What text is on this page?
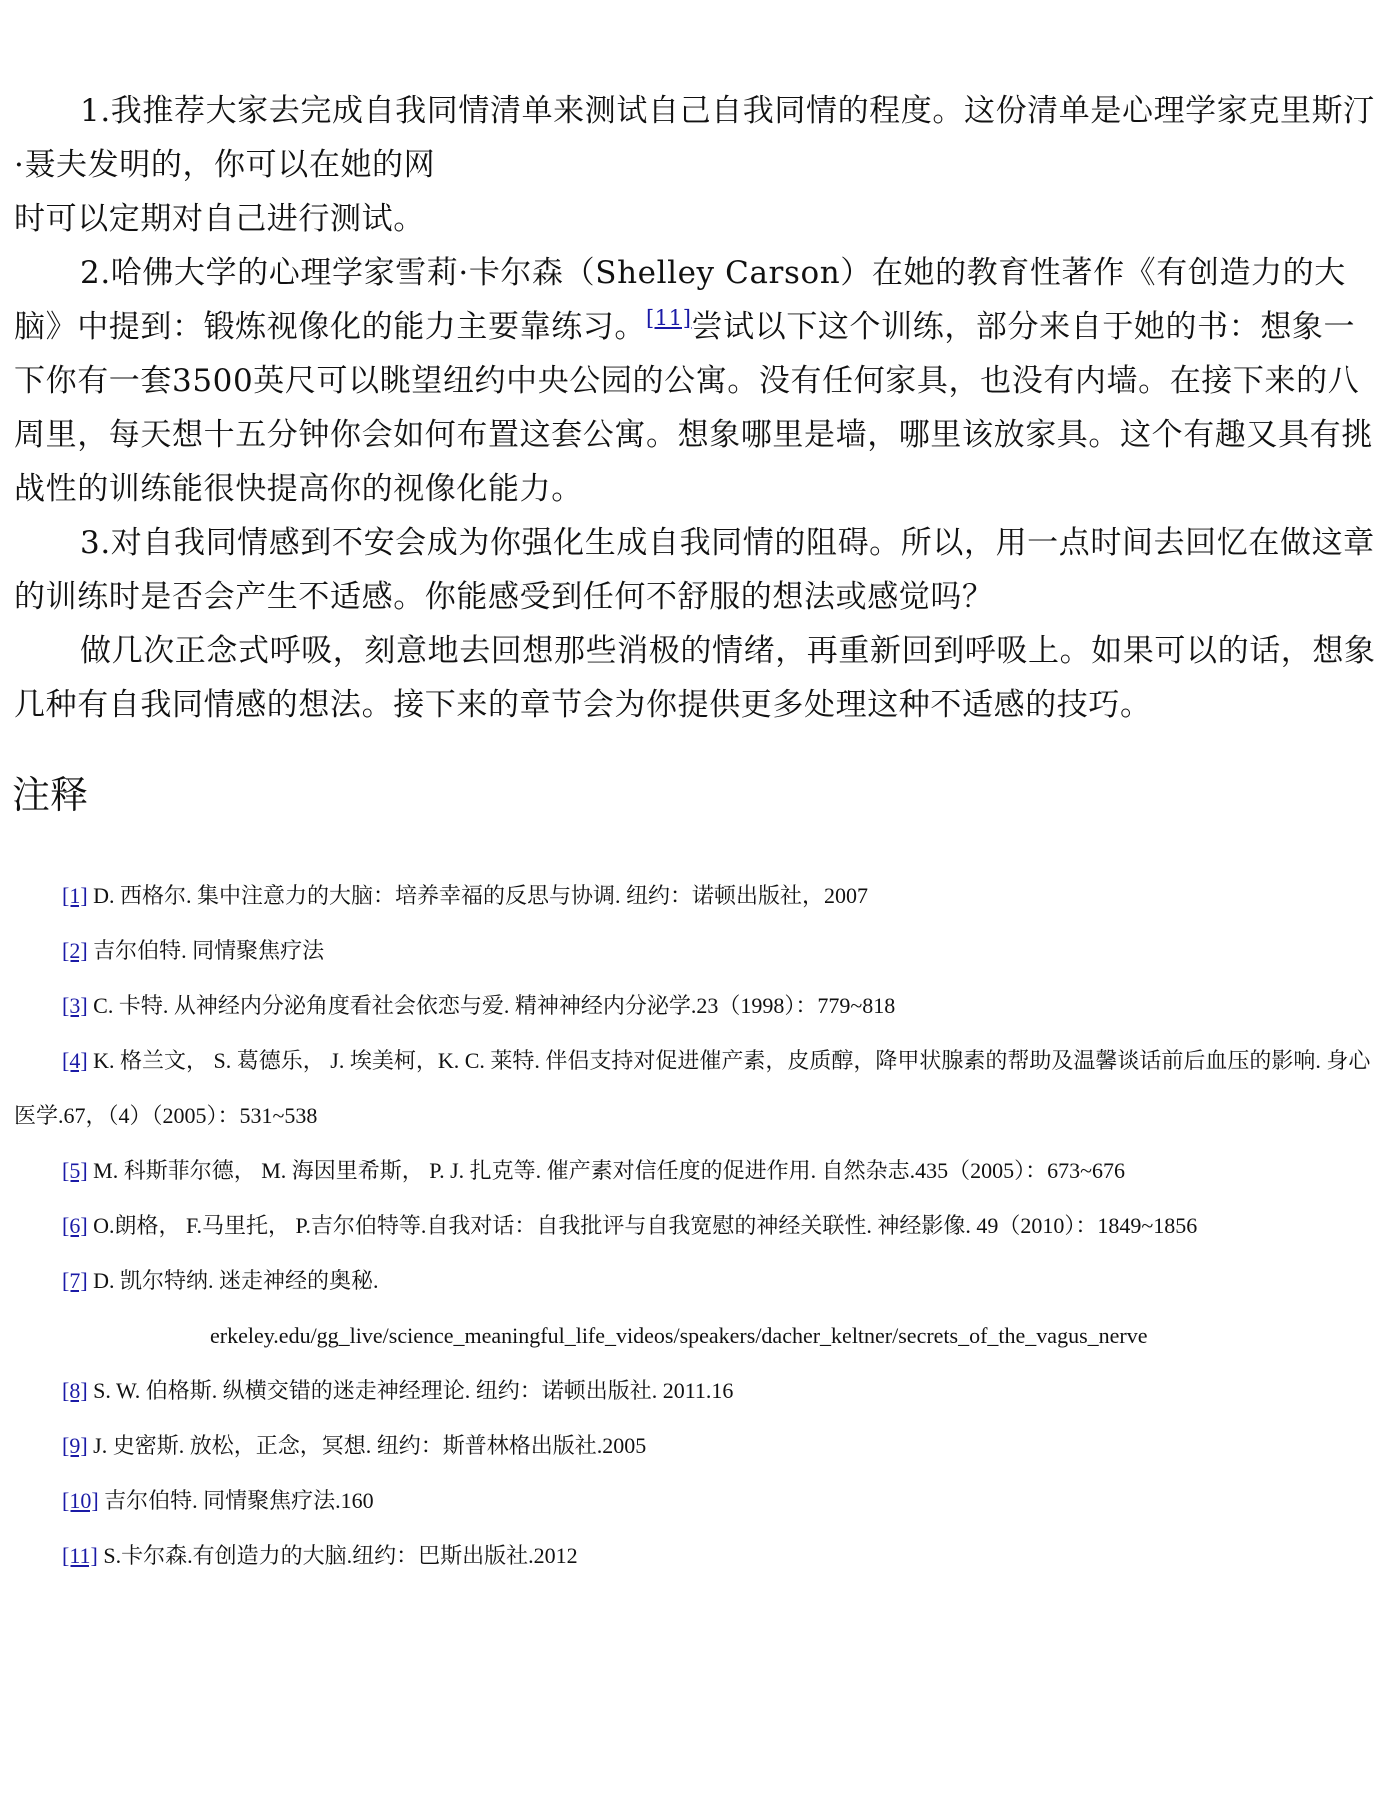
1.我推荐大家去完成自我同情清单来测试自己自我同情的程度。这份清单是心理学家克里斯汀·聂夫发明的，你可以在她的网

时可以定期对自己进行测试。

2.哈佛大学的心理学家雪莉·卡尔森（Shelley Carson）在她的教育性著作《有创造力的大脑》中提到：锻炼视像化的能力主要靠练习。[11]尝试以下这个训练，部分来自于她的书：想象一下你有一套3500英尺可以眺望纽约中央公园的公寓。没有任何家具，也没有内墙。在接下来的八周里，每天想十五分钟你会如何布置这套公寓。想象哪里是墙，哪里该放家具。这个有趣又具有挑战性的训练能很快提高你的视像化能力。

3.对自我同情感到不安会成为你强化生成自我同情的阻碍。所以，用一点时间去回忆在做这章的训练时是否会产生不适感。你能感受到任何不舒服的想法或感觉吗？

做几次正念式呼吸，刻意地去回想那些消极的情绪，再重新回到呼吸上。如果可以的话，想象几种有自我同情感的想法。接下来的章节会为你提供更多处理这种不适感的技巧。

注释

[1] D. 西格尔. 集中注意力的大脑：培养幸福的反思与协调. 纽约：诺顿出版社，2007

[2] 吉尔伯特. 同情聚焦疗法

[3] C. 卡特. 从神经内分泌角度看社会依恋与爱. 精神神经内分泌学.23（1998）：779~818

[4] K. 格兰文， S. 葛德乐， J. 埃美柯，K. C. 莱特. 伴侣支持对促进催产素，皮质醇，降甲状腺素的帮助及温馨谈话前后血压的影响. 身心医学.67，（4）（2005）：531~538

[5] M. 科斯菲尔德， M. 海因里希斯， P. J. 扎克等. 催产素对信任度的促进作用. 自然杂志.435（2005）：673~676

[6] O.朗格， F.马里托， P.吉尔伯特等.自我对话：自我批评与自我宽慰的神经关联性. 神经影像. 49（2010）：1849~1856

[7] D. 凯尔特纳. 迷走神经的奥秘.

erkeley.edu/gg_live/science_meaningful_life_videos/speakers/dacher_keltner/secrets_of_the_vagus_nerve

[8] S. W. 伯格斯. 纵横交错的迷走神经理论. 纽约：诺顿出版社. 2011.16

[9] J. 史密斯. 放松，正念，冥想. 纽约：斯普林格出版社.2005

[10] 吉尔伯特. 同情聚焦疗法.160

[11] S.卡尔森.有创造力的大脑.纽约：巴斯出版社.2012
